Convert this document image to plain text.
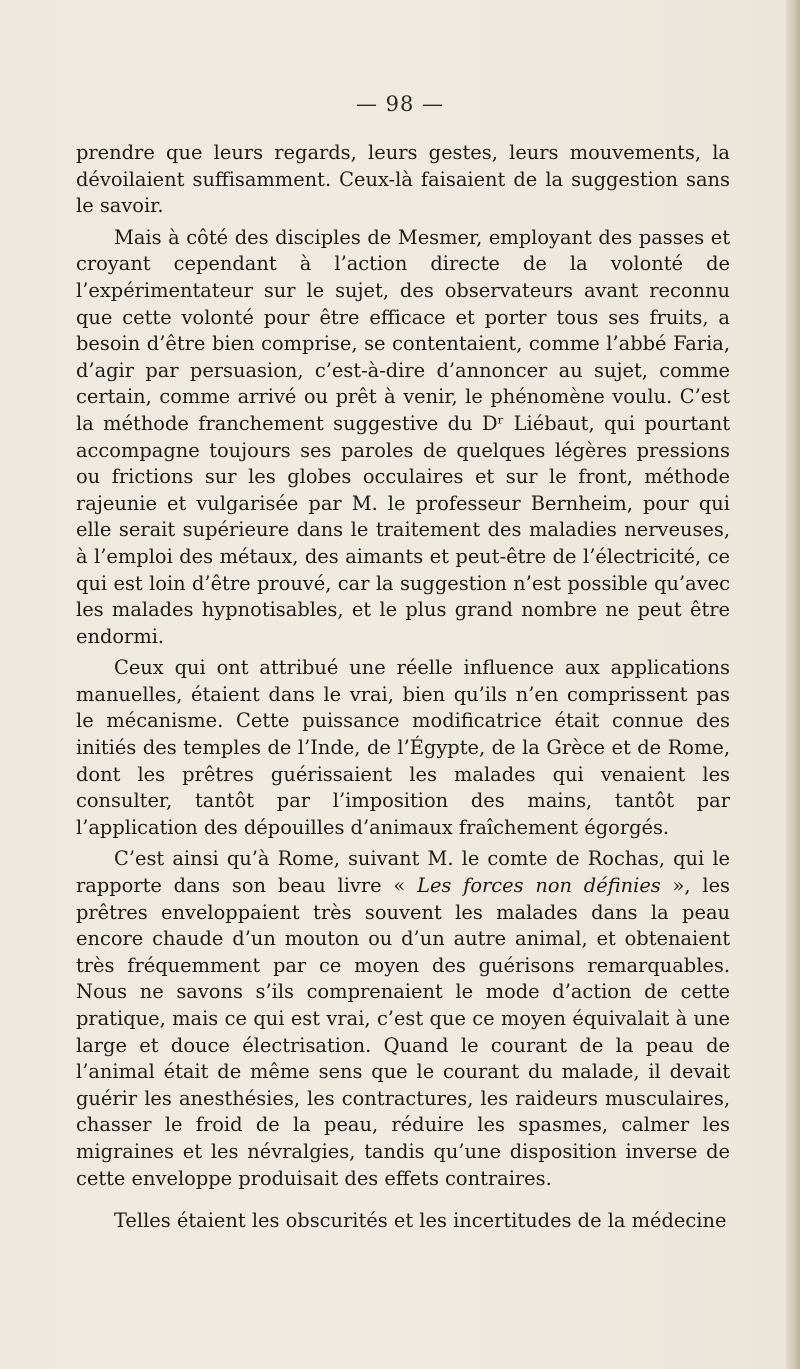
— 98 —

prendre que leurs regards, leurs gestes, leurs mouvements, la dévoilaient suffisamment. Ceux-là faisaient de la suggestion sans le savoir.

Mais à côté des disciples de Mesmer, employant des passes et croyant cependant à l’action directe de la volonté de l’expérimentateur sur le sujet, des observateurs avant reconnu que cette volonté pour être efficace et porter tous ses fruits, a besoin d’être bien comprise, se contentaient, comme l’abbé Faria, d’agir par persuasion, c’est-à-dire d’annoncer au sujet, comme certain, comme arrivé ou prêt à venir, le phénomène voulu. C’est la méthode franchement suggestive du Dʳ Liébaut, qui pourtant accompagne toujours ses paroles de quelques légères pressions ou frictions sur les globes occulaires et sur le front, méthode rajeunie et vulgarisée par M. le professeur Bernheim, pour qui elle serait supérieure dans le traitement des maladies nerveuses, à l’emploi des métaux, des aimants et peut-être de l’électricité, ce qui est loin d’être prouvé, car la suggestion n’est possible qu’avec les malades hypnotisables, et le plus grand nombre ne peut être endormi.

Ceux qui ont attribué une réelle influence aux applications manuelles, étaient dans le vrai, bien qu’ils n’en comprissent pas le mécanisme. Cette puissance modificatrice était connue des initiés des temples de l’Inde, de l’Égypte, de la Grèce et de Rome, dont les prêtres guérissaient les malades qui venaient les consulter, tantôt par l’imposition des mains, tantôt par l’application des dépouilles d’animaux fraîchement égorgés.

C’est ainsi qu’à Rome, suivant M. le comte de Rochas, qui le rapporte dans son beau livre « Les forces non définies », les prêtres enveloppaient très souvent les malades dans la peau encore chaude d’un mouton ou d’un autre animal, et obtenaient très fréquemment par ce moyen des guérisons remarquables. Nous ne savons s’ils comprenaient le mode d’action de cette pratique, mais ce qui est vrai, c’est que ce moyen équivalait à une large et douce électrisation. Quand le courant de la peau de l’animal était de même sens que le courant du malade, il devait guérir les anesthésies, les contractures, les raideurs musculaires, chasser le froid de la peau, réduire les spasmes, calmer les migraines et les névralgies, tandis qu’une disposition inverse de cette enveloppe produisait des effets contraires.

Telles étaient les obscurités et les incertitudes de la médecine
